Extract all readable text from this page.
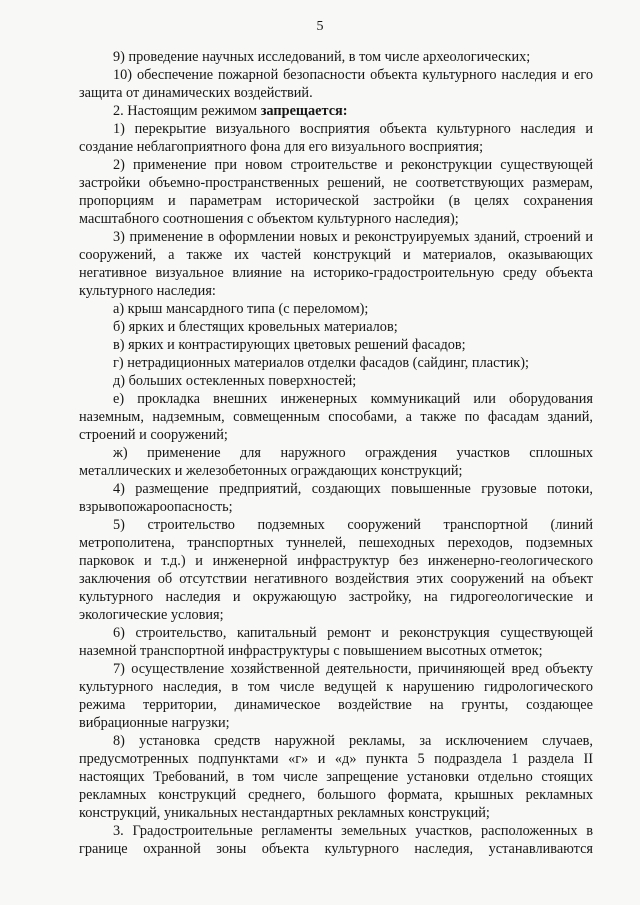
5

9) проведение научных исследований, в том числе археологических;

10) обеспечение пожарной безопасности объекта культурного наследия и его защита от динамических воздействий.

2. Настоящим режимом запрещается:

1) перекрытие визуального восприятия объекта культурного наследия и создание неблагоприятного фона для его визуального восприятия;

2) применение при новом строительстве и реконструкции существующей застройки объемно-пространственных решений, не соответствующих размерам, пропорциям и параметрам исторической застройки (в целях сохранения масштабного соотношения с объектом культурного наследия);

3) применение в оформлении новых и реконструируемых зданий, строений и сооружений, а также их частей конструкций и материалов, оказывающих негативное визуальное влияние на историко-градостроительную среду объекта культурного наследия:

а) крыш мансардного типа (с переломом);

б) ярких и блестящих кровельных материалов;

в) ярких и контрастирующих цветовых решений фасадов;

г) нетрадиционных материалов отделки фасадов (сайдинг, пластик);

д) больших остекленных поверхностей;

е) прокладка внешних инженерных коммуникаций или оборудования наземным, надземным, совмещенным способами, а также по фасадам зданий, строений и сооружений;

ж) применение для наружного ограждения участков сплошных металлических и железобетонных ограждающих конструкций;

4) размещение предприятий, создающих повышенные грузовые потоки, взрывопожароопасность;

5) строительство подземных сооружений транспортной (линий метрополитена, транспортных туннелей, пешеходных переходов, подземных парковок и т.д.) и инженерной инфраструктур без инженерно-геологического заключения об отсутствии негативного воздействия этих сооружений на объект культурного наследия и окружающую застройку, на гидрогеологические и экологические условия;

6) строительство, капитальный ремонт и реконструкция существующей наземной транспортной инфраструктуры с повышением высотных отметок;

7) осуществление хозяйственной деятельности, причиняющей вред объекту культурного наследия, в том числе ведущей к нарушению гидрологического режима территории, динамическое воздействие на грунты, создающее вибрационные нагрузки;

8) установка средств наружной рекламы, за исключением случаев, предусмотренных подпунктами «г» и «д» пункта 5 подраздела 1 раздела II настоящих Требований, в том числе запрещение установки отдельно стоящих рекламных конструкций среднего, большого формата, крышных рекламных конструкций, уникальных нестандартных рекламных конструкций;

3. Градостроительные регламенты земельных участков, расположенных в границе охранной зоны объекта культурного наследия, устанавливаются
